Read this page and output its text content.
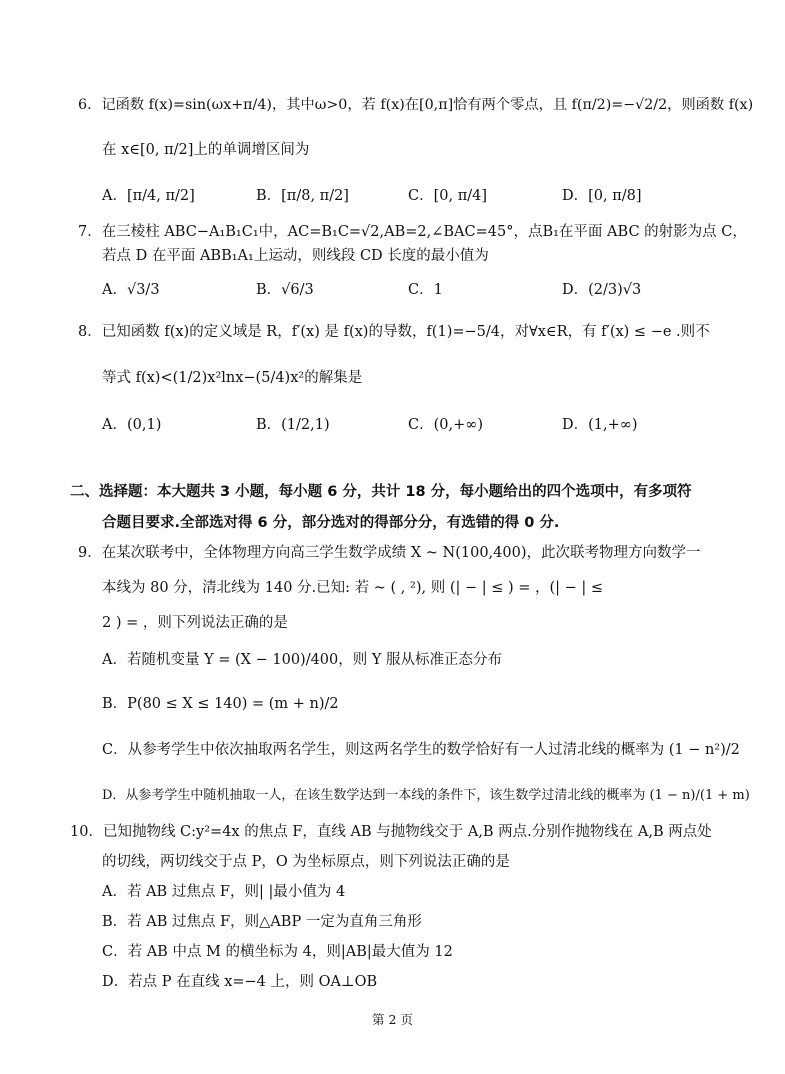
6．记函数 f(x)=sin(ωx+π/4)，其中ω>0，若 f(x)在[0,π]恰有两个零点，且 f(π/2)=−√2/2，则函数 f(x)
在 x∈[0, π/2]上的单调增区间为
A．[π/4, π/2]	B．[π/8, π/2]	C．[0, π/4]	D．[0, π/8]
7．在三棱柱 ABC−A₁B₁C₁中，AC=B₁C=√2,AB=2,∠BAC=45°，点B₁在平面 ABC 的射影为点 C，
若点 D 在平面 ABB₁A₁上运动，则线段 CD 长度的最小值为
A．√3/3	B．√6/3	C．1	D．(2/3)√3
8．已知函数 f(x)的定义域是 R，f′(x) 是 f(x)的导数，f(1)=−5/4，对∀x∈R，有 f′(x) ≤ −e .则不
等式 f(x)<(1/2)x²lnx−(5/4)x²的解集是
A．(0,1)	B．(1/2,1)	C．(0,+∞)	D．(1,+∞)
二、选择题：本大题共 3 小题，每小题 6 分，共计 18 分，每小题给出的四个选项中，有多项符
合题目要求.全部选对得 6 分，部分选对的得部分分，有选错的得 0 分.
9．在某次联考中，全体物理方向高三学生数学成绩 X ~ N(100,400)，此次联考物理方向数学一
本线为 80 分，清北线为 140 分.已知: 若 ~ ( , ²), 则 (| − | ≤ ) = ，(| − | ≤
2 ) = ，则下列说法正确的是
A．若随机变量 Y = (X − 100)/400，则 Y 服从标准正态分布
B．P(80 ≤ X ≤ 140) = (m + n)/2
C．从参考学生中依次抽取两名学生，则这两名学生的数学恰好有一人过清北线的概率为 (1 − n²)/2
D．从参考学生中随机抽取一人，在该生数学达到一本线的条件下，该生数学过清北线的概率为 (1 − n)/(1 + m)
10．已知抛物线 C:y²=4x 的焦点 F，直线 AB 与抛物线交于 A,B 两点.分别作抛物线在 A,B 两点处
的切线，两切线交于点 P，O 为坐标原点，则下列说法正确的是
A．若 AB 过焦点 F，则| |最小值为 4
B．若 AB 过焦点 F，则△ABP 一定为直角三角形
C．若 AB 中点 M 的横坐标为 4，则|AB|最大值为 12
D．若点 P 在直线 x=−4 上，则 OA⊥OB
第 2 页
